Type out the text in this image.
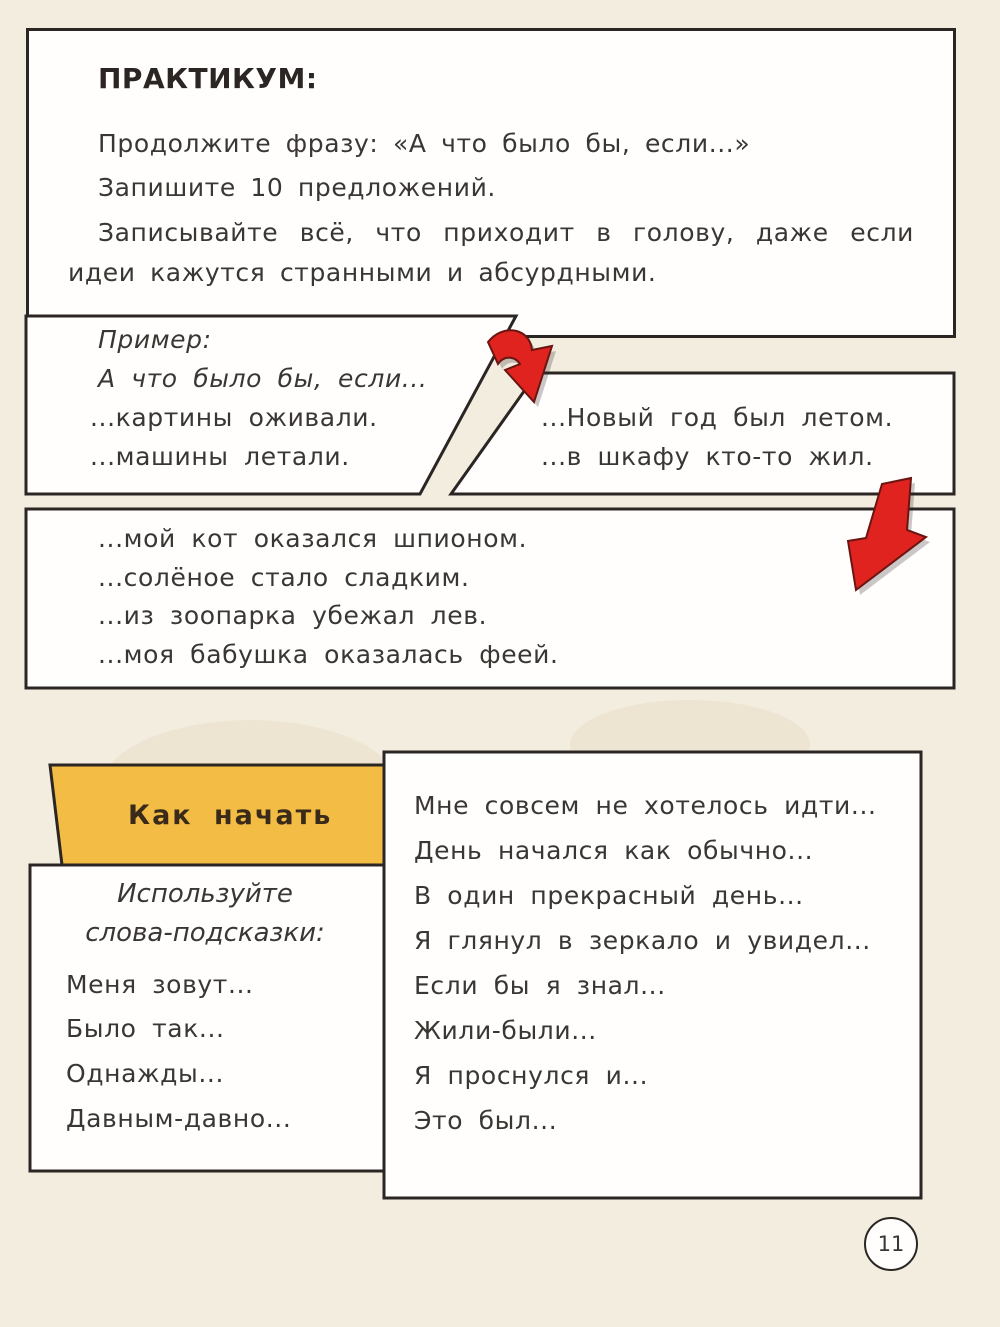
ПРАКТИКУМ:

Продолжите фразу: «А что было бы, если...»

Запишите 10 предложений.

Записывайте всё, что приходит в голову, даже если идеи кажутся странными и абсурдными.

Пример:
А что было бы, если...
...картины оживали.
...машины летали.
...Новый год был летом.
...в шкафу кто-то жил.
...мой кот оказался шпионом.
...солёное стало сладким.
...из зоопарка убежал лев.
...моя бабушка оказалась феей.
Как начать
Используйте
слова-подсказки:
Меня зовут...
Было так...
Однажды...
Давным-давно...
Мне совсем не хотелось идти...
День начался как обычно...
В один прекрасный день...
Я глянул в зеркало и увидел...
Если бы я знал...
Жили-были...
Я проснулся и...
Это был...
11
